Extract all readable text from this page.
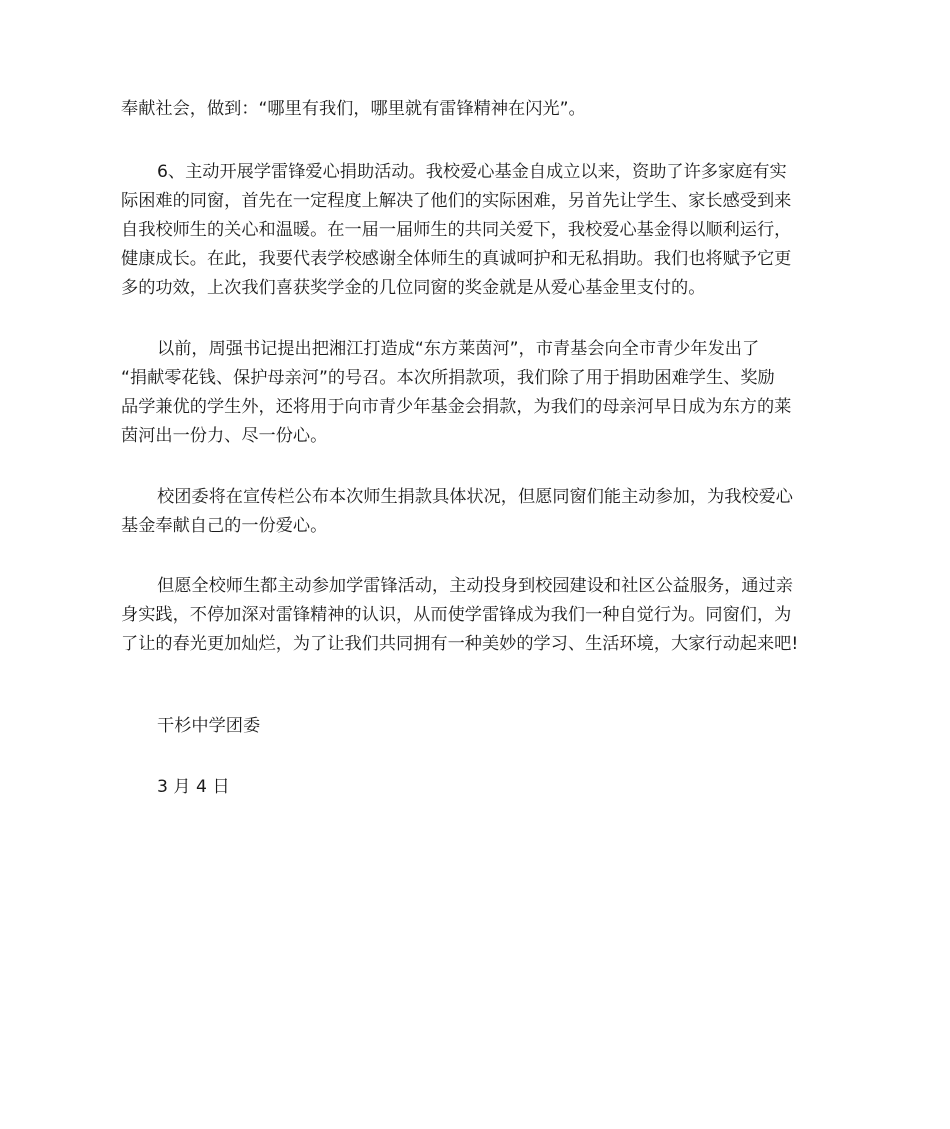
奉献社会，做到：“哪里有我们，哪里就有雷锋精神在闪光”。

6、主动开展学雷锋爱心捐助活动。我校爱心基金自成立以来，资助了许多家庭有实
际困难的同窗，首先在一定程度上解决了他们的实际困难，另首先让学生、家长感受到来
自我校师生的关心和温暖。在一届一届师生的共同关爱下，我校爱心基金得以顺利运行，
健康成长。在此，我要代表学校感谢全体师生的真诚呵护和无私捐助。我们也将赋予它更
多的功效，上次我们喜获奖学金的几位同窗的奖金就是从爱心基金里支付的。

以前，周强书记提出把湘江打造成“东方莱茵河”，市青基会向全市青少年发出了
“捐献零花钱、保护母亲河”的号召。本次所捐款项，我们除了用于捐助困难学生、奖励
品学兼优的学生外，还将用于向市青少年基金会捐款，为我们的母亲河早日成为东方的莱
茵河出一份力、尽一份心。

校团委将在宣传栏公布本次师生捐款具体状况，但愿同窗们能主动参加，为我校爱心
基金奉献自己的一份爱心。

但愿全校师生都主动参加学雷锋活动，主动投身到校园建设和社区公益服务，通过亲
身实践，不停加深对雷锋精神的认识，从而使学雷锋成为我们一种自觉行为。同窗们，为
了让的春光更加灿烂，为了让我们共同拥有一种美妙的学习、生活环境，大家行动起来吧!

干杉中学团委

3 月 4 日
